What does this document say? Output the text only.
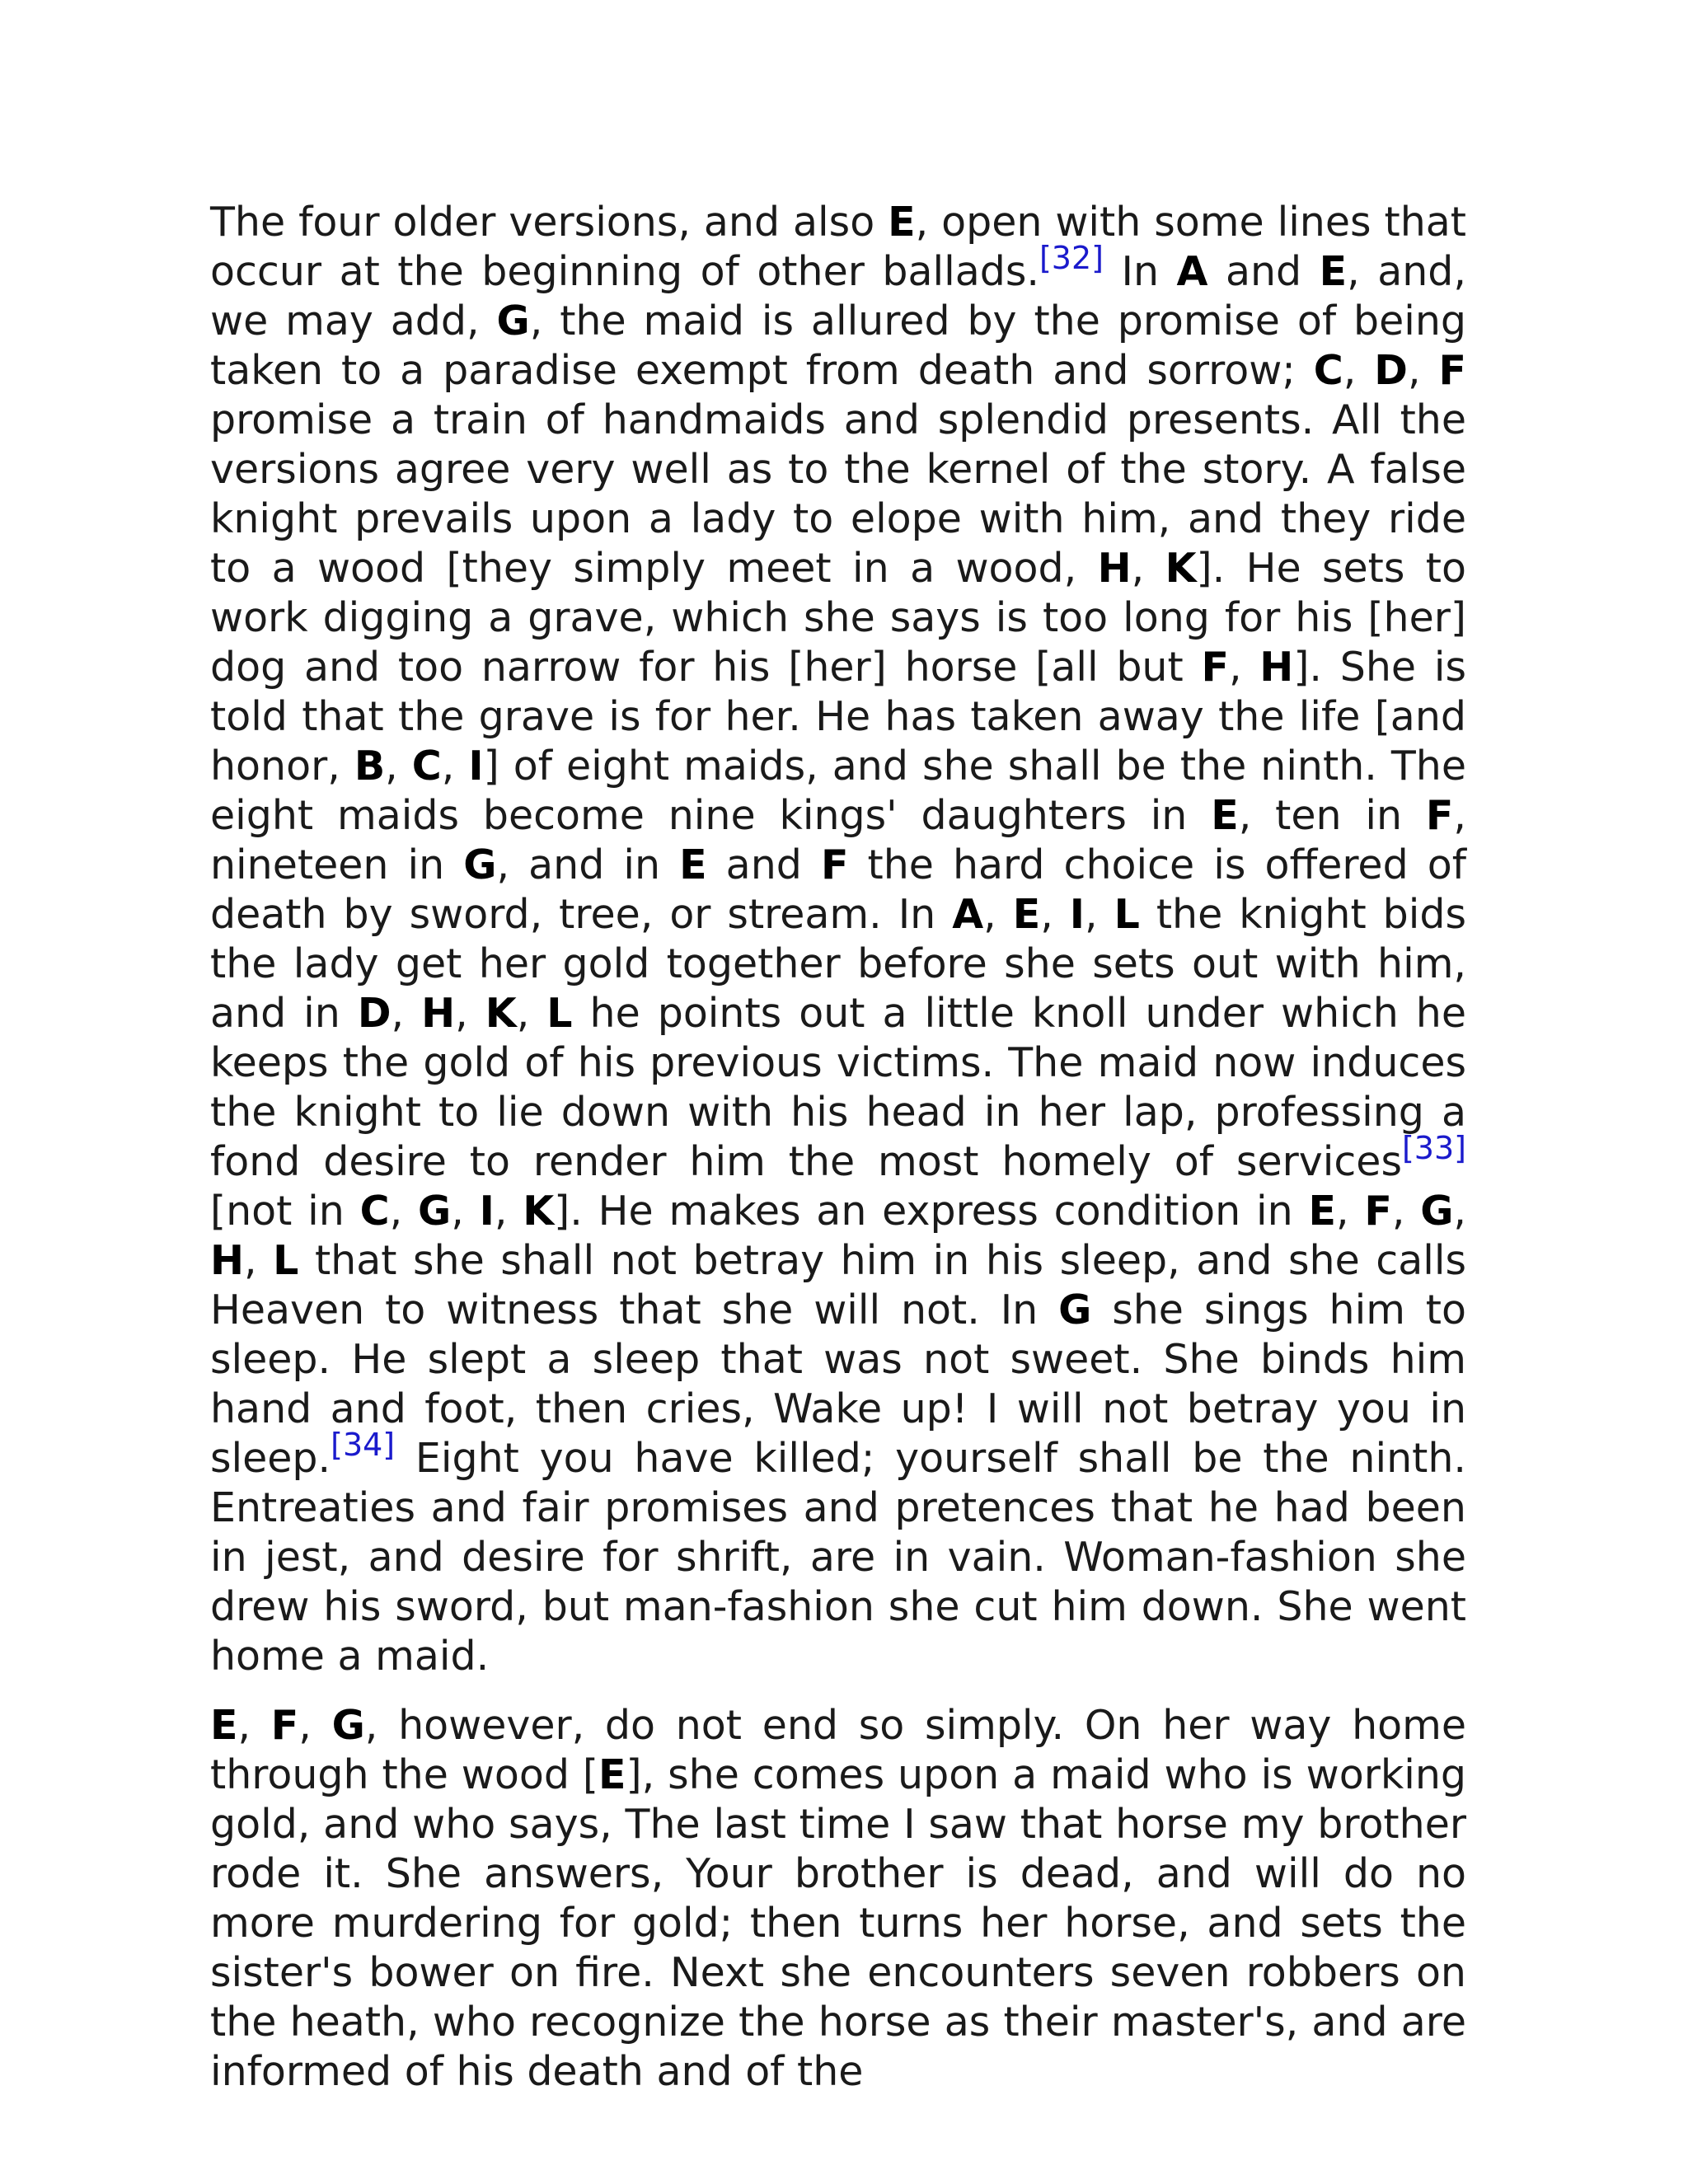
The four older versions, and also E, open with some lines that occur at the beginning of other ballads.[32] In A and E, and, we may add, G, the maid is allured by the promise of being taken to a paradise exempt from death and sorrow; C, D, F promise a train of handmaids and splendid presents. All the versions agree very well as to the kernel of the story. A false knight prevails upon a lady to elope with him, and they ride to a wood [they simply meet in a wood, H, K]. He sets to work digging a grave, which she says is too long for his [her] dog and too narrow for his [her] horse [all but F, H]. She is told that the grave is for her. He has taken away the life [and honor, B, C, I] of eight maids, and she shall be the ninth. The eight maids become nine kings' daughters in E, ten in F, nineteen in G, and in E and F the hard choice is offered of death by sword, tree, or stream. In A, E, I, L the knight bids the lady get her gold together before she sets out with him, and in D, H, K, L he points out a little knoll under which he keeps the gold of his previous victims. The maid now induces the knight to lie down with his head in her lap, professing a fond desire to render him the most homely of services[33] [not in C, G, I, K]. He makes an express condition in E, F, G, H, L that she shall not betray him in his sleep, and she calls Heaven to witness that she will not. In G she sings him to sleep. He slept a sleep that was not sweet. She binds him hand and foot, then cries, Wake up! I will not betray you in sleep.[34] Eight you have killed; yourself shall be the ninth. Entreaties and fair promises and pretences that he had been in jest, and desire for shrift, are in vain. Woman-fashion she drew his sword, but man-fashion she cut him down. She went home a maid.

E, F, G, however, do not end so simply. On her way home through the wood [E], she comes upon a maid who is working gold, and who says, The last time I saw that horse my brother rode it. She answers, Your brother is dead, and will do no more murdering for gold; then turns her horse, and sets the sister's bower on fire. Next she encounters seven robbers on the heath, who recognize the horse as their master's, and are informed of his death and of the
